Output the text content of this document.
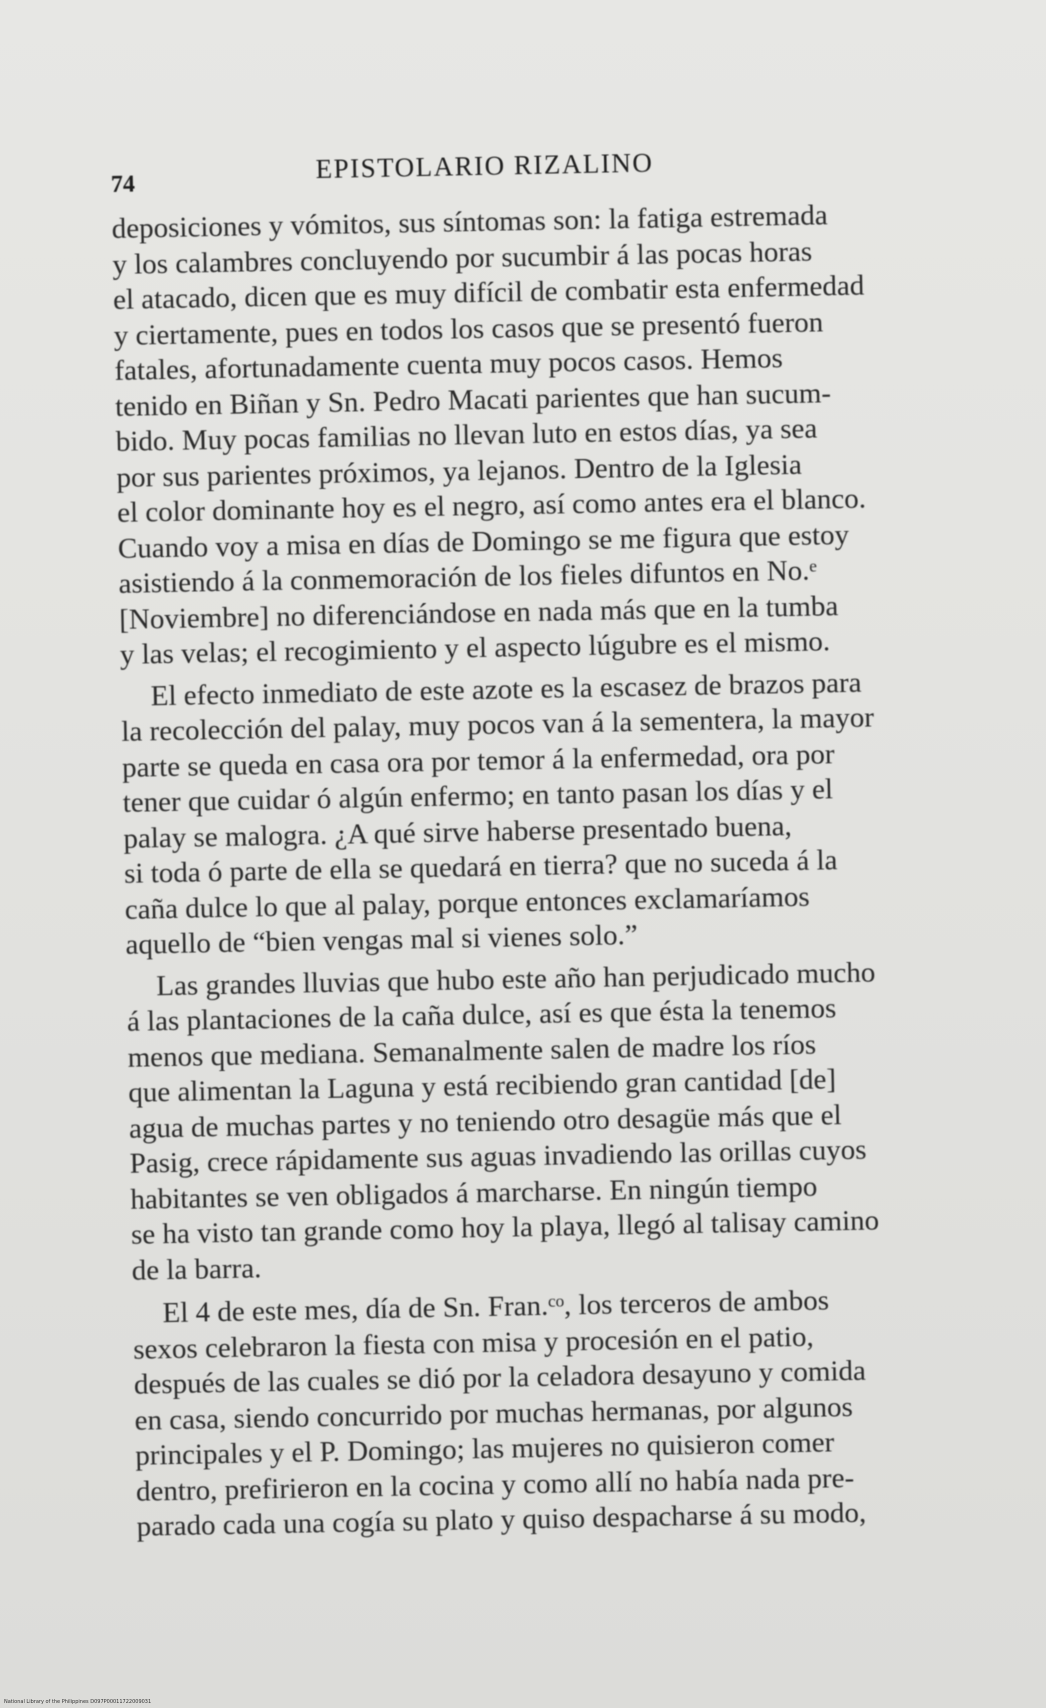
74
EPISTOLARIO RIZALINO

deposiciones y vómitos, sus síntomas son: la fatiga estremada
y los calambres concluyendo por sucumbir á las pocas horas
el atacado, dicen que es muy difícil de combatir esta enfermedad
y ciertamente, pues en todos los casos que se presentó fueron
fatales, afortunadamente cuenta muy pocos casos. Hemos
tenido en Biñan y Sn. Pedro Macati parientes que han sucum-
bido. Muy pocas familias no llevan luto en estos días, ya sea
por sus parientes próximos, ya lejanos. Dentro de la Iglesia
el color dominante hoy es el negro, así como antes era el blanco.
Cuando voy a misa en días de Domingo se me figura que estoy
asistiendo á la conmemoración de los fieles difuntos en No.ᵉ
[Noviembre] no diferenciándose en nada más que en la tumba
y las velas; el recogimiento y el aspecto lúgubre es el mismo.

El efecto inmediato de este azote es la escasez de brazos para
la recolección del palay, muy pocos van á la sementera, la mayor
parte se queda en casa ora por temor á la enfermedad, ora por
tener que cuidar ó algún enfermo; en tanto pasan los días y el
palay se malogra. ¿A qué sirve haberse presentado buena,
si toda ó parte de ella se quedará en tierra? que no suceda á la
caña dulce lo que al palay, porque entonces exclamaríamos
aquello de “bien vengas mal si vienes solo.”

Las grandes lluvias que hubo este año han perjudicado mucho
á las plantaciones de la caña dulce, así es que ésta la tenemos
menos que mediana. Semanalmente salen de madre los ríos
que alimentan la Laguna y está recibiendo gran cantidad [de]
agua de muchas partes y no teniendo otro desagüe más que el
Pasig, crece rápidamente sus aguas invadiendo las orillas cuyos
habitantes se ven obligados á marcharse. En ningún tiempo
se ha visto tan grande como hoy la playa, llegó al talisay camino
de la barra.

El 4 de este mes, día de Sn. Fran.ᶜᵒ, los terceros de ambos
sexos celebraron la fiesta con misa y procesión en el patio,
después de las cuales se dió por la celadora desayuno y comida
en casa, siendo concurrido por muchas hermanas, por algunos
principales y el P. Domingo; las mujeres no quisieron comer
dentro, prefirieron en la cocina y como allí no había nada pre-
parado cada una cogía su plato y quiso despacharse á su modo,

National Library of the Philippines D097P00011722009031
